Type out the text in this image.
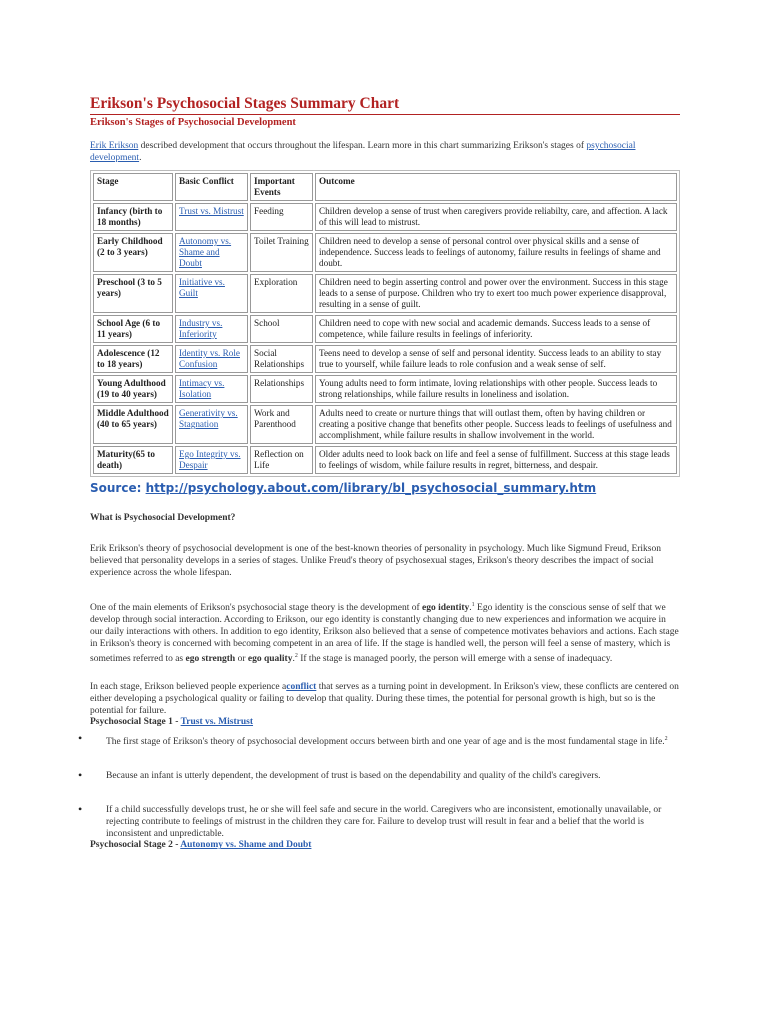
Erikson's Psychosocial Stages Summary Chart
Erikson's Stages of Psychosocial Development
Erik Erikson described development that occurs throughout the lifespan. Learn more in this chart summarizing Erikson's stages of psychosocial development.
Stage	Basic Conflict	Important Events	Outcome
Infancy (birth to 18 months)	Trust vs. Mistrust	Feeding	Children develop a sense of trust when caregivers provide reliabilty, care, and affection. A lack of this will lead to mistrust.
Early Childhood (2 to 3 years)	Autonomy vs. Shame and Doubt	Toilet Training	Children need to develop a sense of personal control over physical skills and a sense of independence. Success leads to feelings of autonomy, failure results in feelings of shame and doubt.
Preschool (3 to 5 years)	Initiative vs. Guilt	Exploration	Children need to begin asserting control and power over the environment. Success in this stage leads to a sense of purpose. Children who try to exert too much power experience disapproval, resulting in a sense of guilt.
School Age (6 to 11 years)	Industry vs. Inferiority	School	Children need to cope with new social and academic demands. Success leads to a sense of competence, while failure results in feelings of inferiority.
Adolescence (12 to 18 years)	Identity vs. Role Confusion	Social Relationships	Teens need to develop a sense of self and personal identity. Success leads to an ability to stay true to yourself, while failure leads to role confusion and a weak sense of self.
Young Adulthood (19 to 40 years)	Intimacy vs. Isolation	Relationships	Young adults need to form intimate, loving relationships with other people. Success leads to strong relationships, while failure results in loneliness and isolation.
Middle Adulthood (40 to 65 years)	Generativity vs. Stagnation	Work and Parenthood	Adults need to create or nurture things that will outlast them, often by having children or creating a positive change that benefits other people. Success leads to feelings of usefulness and accomplishment, while failure results in shallow involvement in the world.
Maturity(65 to death)	Ego Integrity vs. Despair	Reflection on Life	Older adults need to look back on life and feel a sense of fulfillment. Success at this stage leads to feelings of wisdom, while failure results in regret, bitterness, and despair.
Source: http://psychology.about.com/library/bl_psychosocial_summary.htm
What is Psychosocial Development?

Erik Erikson's theory of psychosocial development is one of the best-known theories of personality in psychology. Much like Sigmund Freud, Erikson believed that personality develops in a series of stages. Unlike Freud's theory of psychosexual stages, Erikson's theory describes the impact of social experience across the whole lifespan.

One of the main elements of Erikson's psychosocial stage theory is the development of ego identity.$^1$ Ego identity is the conscious sense of self that we develop through social interaction. According to Erikson, our ego identity is constantly changing due to new experiences and information we acquire in our daily interactions with others. In addition to ego identity, Erikson also believed that a sense of competence motivates behaviors and actions. Each stage in Erikson's theory is concerned with becoming competent in an area of life. If the stage is handled well, the person will feel a sense of mastery, which is sometimes referred to as ego strength or ego quality.$^2$ If the stage is managed poorly, the person will emerge with a sense of inadequacy.

In each stage, Erikson believed people experience aconflict that serves as a turning point in development. In Erikson's view, these conflicts are centered on either developing a psychological quality or failing to develop that quality. During these times, the potential for personal growth is high, but so is the potential for failure.

Psychosocial Stage 1 - Trust vs. Mistrust
•	The first stage of Erikson's theory of psychosocial development occurs between birth and one year of age and is the most fundamental stage in life.$^2$
•	Because an infant is utterly dependent, the development of trust is based on the dependability and quality of the child's caregivers.
•	If a child successfully develops trust, he or she will feel safe and secure in the world. Caregivers who are inconsistent, emotionally unavailable, or rejecting contribute to feelings of mistrust in the children they care for. Failure to develop trust will result in fear and a belief that the world is inconsistent and unpredictable.
Psychosocial Stage 2 - Autonomy vs. Shame and Doubt
